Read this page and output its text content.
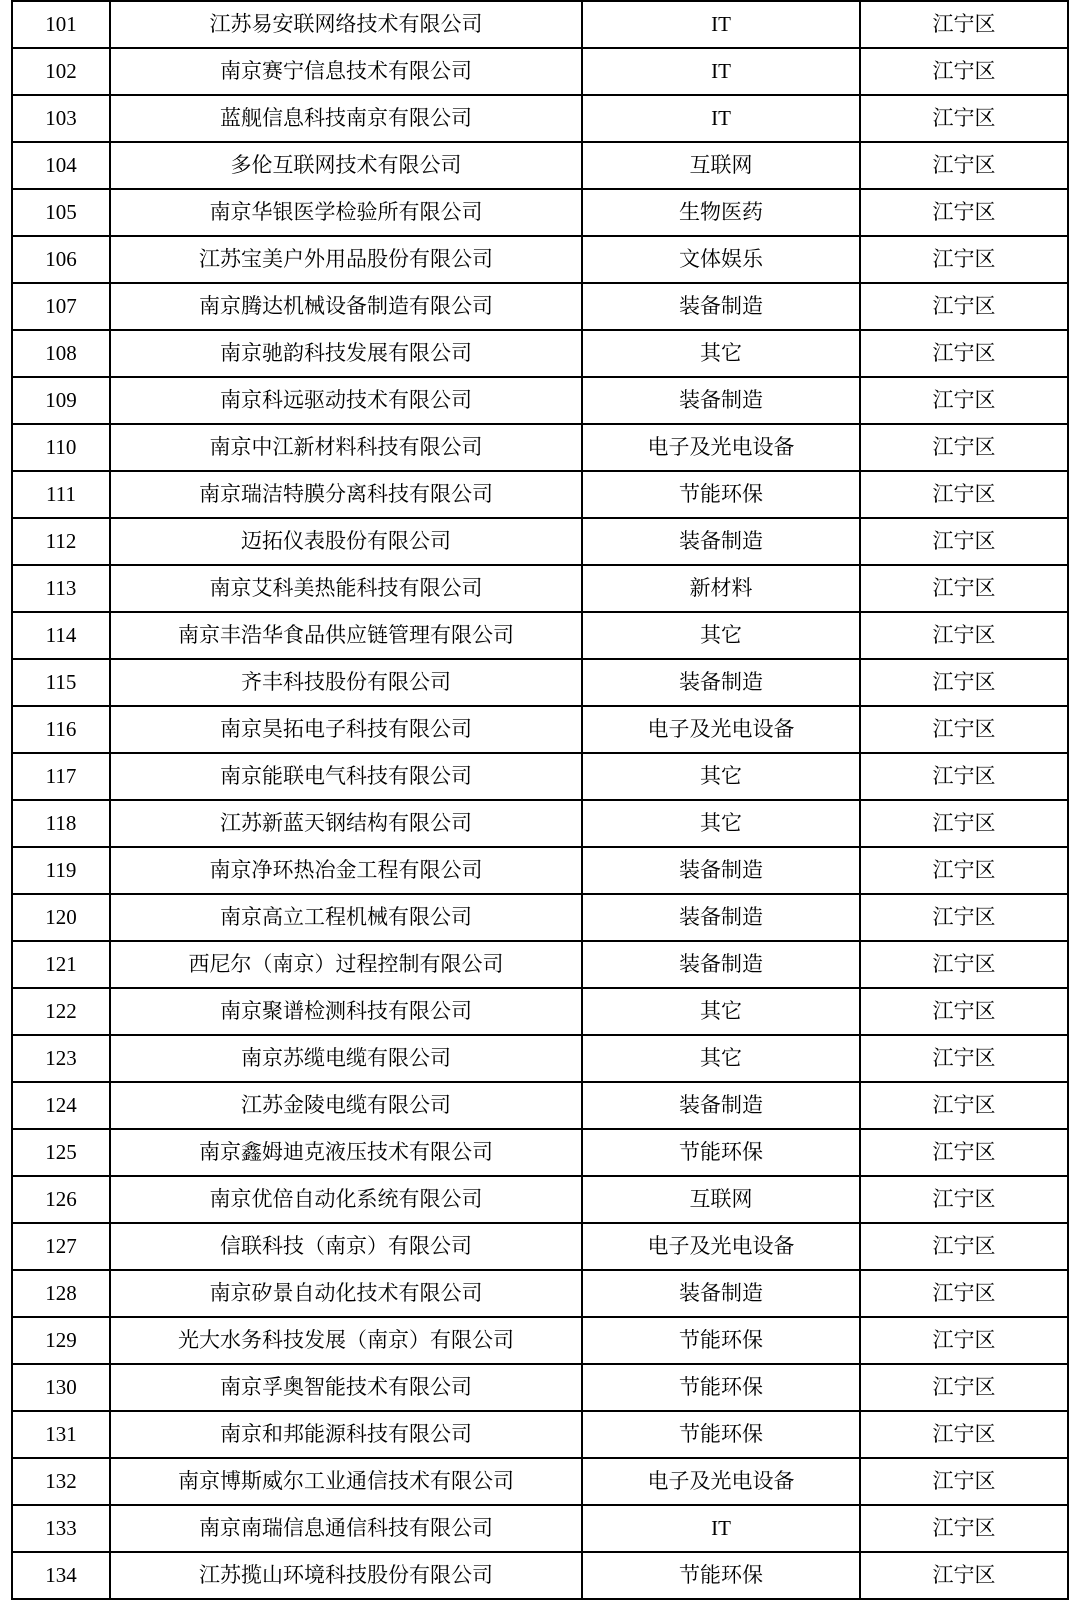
101	江苏易安联网络技术有限公司	IT	江宁区
102	南京赛宁信息技术有限公司	IT	江宁区
103	蓝舰信息科技南京有限公司	IT	江宁区
104	多伦互联网技术有限公司	互联网	江宁区
105	南京华银医学检验所有限公司	生物医药	江宁区
106	江苏宝美户外用品股份有限公司	文体娱乐	江宁区
107	南京腾达机械设备制造有限公司	装备制造	江宁区
108	南京驰韵科技发展有限公司	其它	江宁区
109	南京科远驱动技术有限公司	装备制造	江宁区
110	南京中江新材料科技有限公司	电子及光电设备	江宁区
111	南京瑞洁特膜分离科技有限公司	节能环保	江宁区
112	迈拓仪表股份有限公司	装备制造	江宁区
113	南京艾科美热能科技有限公司	新材料	江宁区
114	南京丰浩华食品供应链管理有限公司	其它	江宁区
115	齐丰科技股份有限公司	装备制造	江宁区
116	南京昊拓电子科技有限公司	电子及光电设备	江宁区
117	南京能联电气科技有限公司	其它	江宁区
118	江苏新蓝天钢结构有限公司	其它	江宁区
119	南京净环热冶金工程有限公司	装备制造	江宁区
120	南京高立工程机械有限公司	装备制造	江宁区
121	西尼尔（南京）过程控制有限公司	装备制造	江宁区
122	南京聚谱检测科技有限公司	其它	江宁区
123	南京苏缆电缆有限公司	其它	江宁区
124	江苏金陵电缆有限公司	装备制造	江宁区
125	南京鑫姆迪克液压技术有限公司	节能环保	江宁区
126	南京优倍自动化系统有限公司	互联网	江宁区
127	信联科技（南京）有限公司	电子及光电设备	江宁区
128	南京矽景自动化技术有限公司	装备制造	江宁区
129	光大水务科技发展（南京）有限公司	节能环保	江宁区
130	南京孚奥智能技术有限公司	节能环保	江宁区
131	南京和邦能源科技有限公司	节能环保	江宁区
132	南京博斯威尔工业通信技术有限公司	电子及光电设备	江宁区
133	南京南瑞信息通信科技有限公司	IT	江宁区
134	江苏揽山环境科技股份有限公司	节能环保	江宁区
